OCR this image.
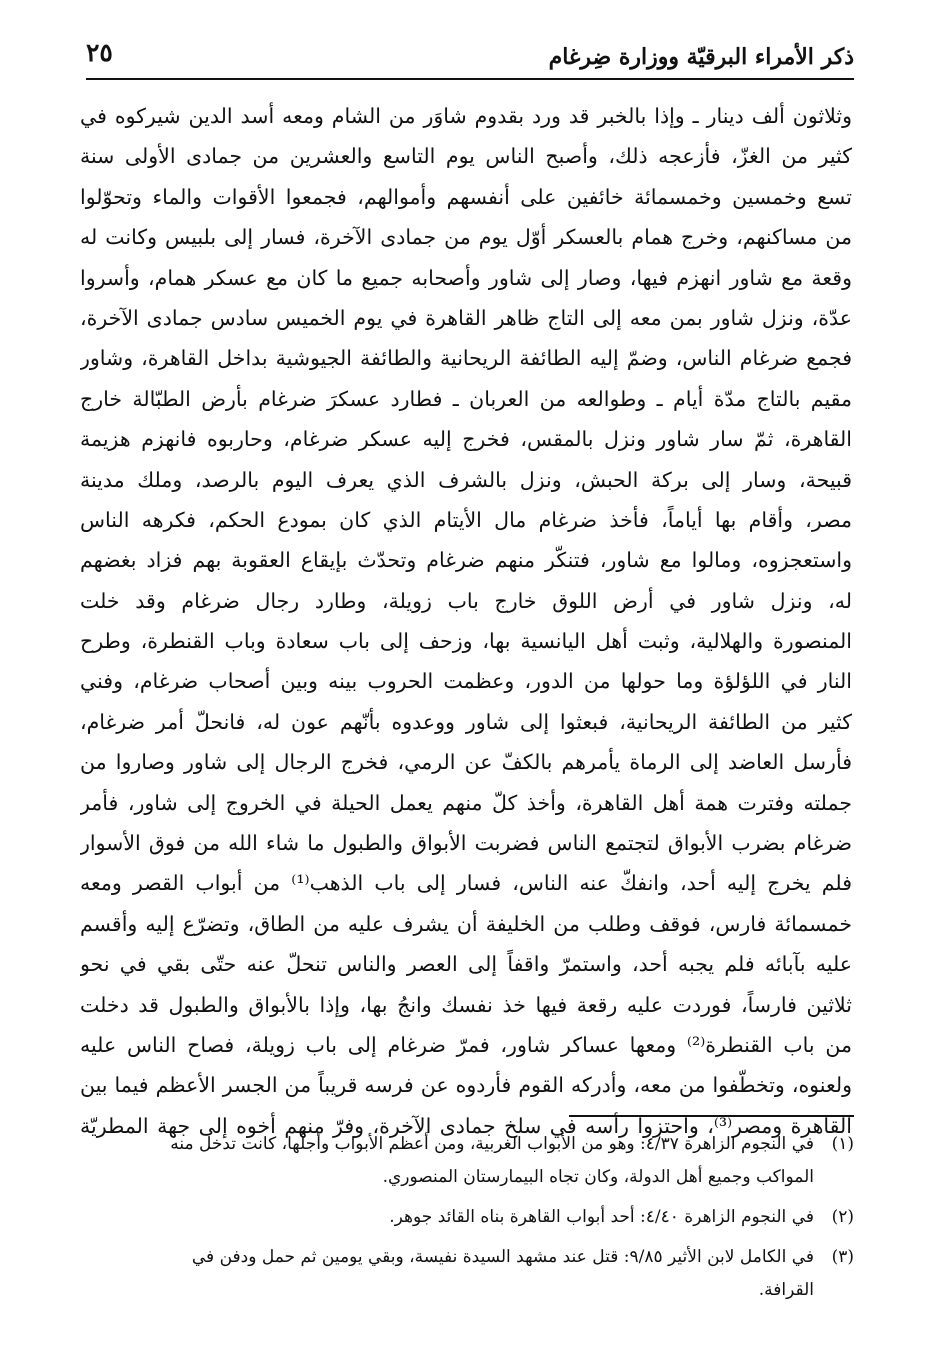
٢٥	ذكر الأمراء البرقيّة ووزارة ضِرغام
وثلاثون ألف دينار ـ وإذا بالخبر قد ورد بقدوم شاوَر من الشام ومعه أسد الدين شيركوه في
كثير من الغزّ، فأزعجه ذلك، وأصبح الناس يوم التاسع والعشرين من جمادى الأولى سنة
تسع وخمسين وخمسمائة خائفين على أنفسهم وأموالهم، فجمعوا الأقوات والماء وتحوّلوا
من مساكنهم، وخرج همام بالعسكر أوّل يوم من جمادى الآخرة، فسار إلى بلبيس وكانت له
وقعة مع شاور انهزم فيها، وصار إلى شاور وأصحابه جميع ما كان مع عسكر همام، وأسروا
عدّة، ونزل شاور بمن معه إلى التاج ظاهر القاهرة في يوم الخميس سادس جمادى الآخرة،
فجمع ضرغام الناس، وضمّ إليه الطائفة الريحانية والطائفة الجيوشية بداخل القاهرة، وشاور
مقيم بالتاج مدّة أيام ـ وطوالعه من العربان ـ فطارد عسكرَ ضرغام بأرض الطبّالة خارج
القاهرة، ثمّ سار شاور ونزل بالمقس، فخرج إليه عسكر ضرغام، وحاربوه فانهزم هزيمة
قبيحة، وسار إلى بركة الحبش، ونزل بالشرف الذي يعرف اليوم بالرصد، وملك مدينة
مصر، وأقام بها أياماً، فأخذ ضرغام مال الأيتام الذي كان بمودع الحكم، فكرهه الناس
واستعجزوه، ومالوا مع شاور، فتنكّر منهم ضرغام وتحدّث بإيقاع العقوبة بهم فزاد بغضهم
له، ونزل شاور في أرض اللوق خارج باب زويلة، وطارد رجال ضرغام وقد خلت
المنصورة والهلالية، وثبت أهل اليانسية بها، وزحف إلى باب سعادة وباب القنطرة، وطرح
النار في اللؤلؤة وما حولها من الدور، وعظمت الحروب بينه وبين أصحاب ضرغام، وفني
كثير من الطائفة الريحانية، فبعثوا إلى شاور ووعدوه بأنّهم عون له، فانحلّ أمر ضرغام،
فأرسل العاضد إلى الرماة يأمرهم بالكفّ عن الرمي، فخرج الرجال إلى شاور وصاروا من
جملته وفترت همة أهل القاهرة، وأخذ كلّ منهم يعمل الحيلة في الخروج إلى شاور، فأمر
ضرغام بضرب الأبواق لتجتمع الناس فضربت الأبواق والطبول ما شاء الله من فوق الأسوار
فلم يخرج إليه أحد، وانفكّ عنه الناس، فسار إلى باب الذهب⁽¹⁾ من أبواب القصر ومعه
خمسمائة فارس، فوقف وطلب من الخليفة أن يشرف عليه من الطاق، وتضرّع إليه وأقسم
عليه بآبائه فلم يجبه أحد، واستمرّ واقفاً إلى العصر والناس تنحلّ عنه حتّى بقي في نحو
ثلاثين فارساً، فوردت عليه رقعة فيها خذ نفسك وانجُ بها، وإذا بالأبواق والطبول قد دخلت
من باب القنطرة⁽²⁾ ومعها عساكر شاور، فمرّ ضرغام إلى باب زويلة، فصاح الناس عليه
ولعنوه، وتخطّفوا من معه، وأدركه القوم فأردوه عن فرسه قريباً من الجسر الأعظم فيما بين
القاهرة ومصر⁽³⁾، واحتزوا رأسه في سلخ جمادى الآخرة، وفرّ منهم أخوه إلى جهة المطريّة
(١)في النجوم الزاهرة ٤/٣٧: وهو من الأبواب الغربية، ومن أعظم الأبواب وأجلّها، كانت تدخل منه
المواكب وجميع أهل الدولة، وكان تجاه البيمارستان المنصوري.
(٢)في النجوم الزاهرة ٤/٤٠: أحد أبواب القاهرة بناه القائد جوهر.
(٣)في الكامل لابن الأثير ٩/٨٥: قتل عند مشهد السيدة نفيسة، وبقي يومين ثم حمل ودفن في
القرافة.
